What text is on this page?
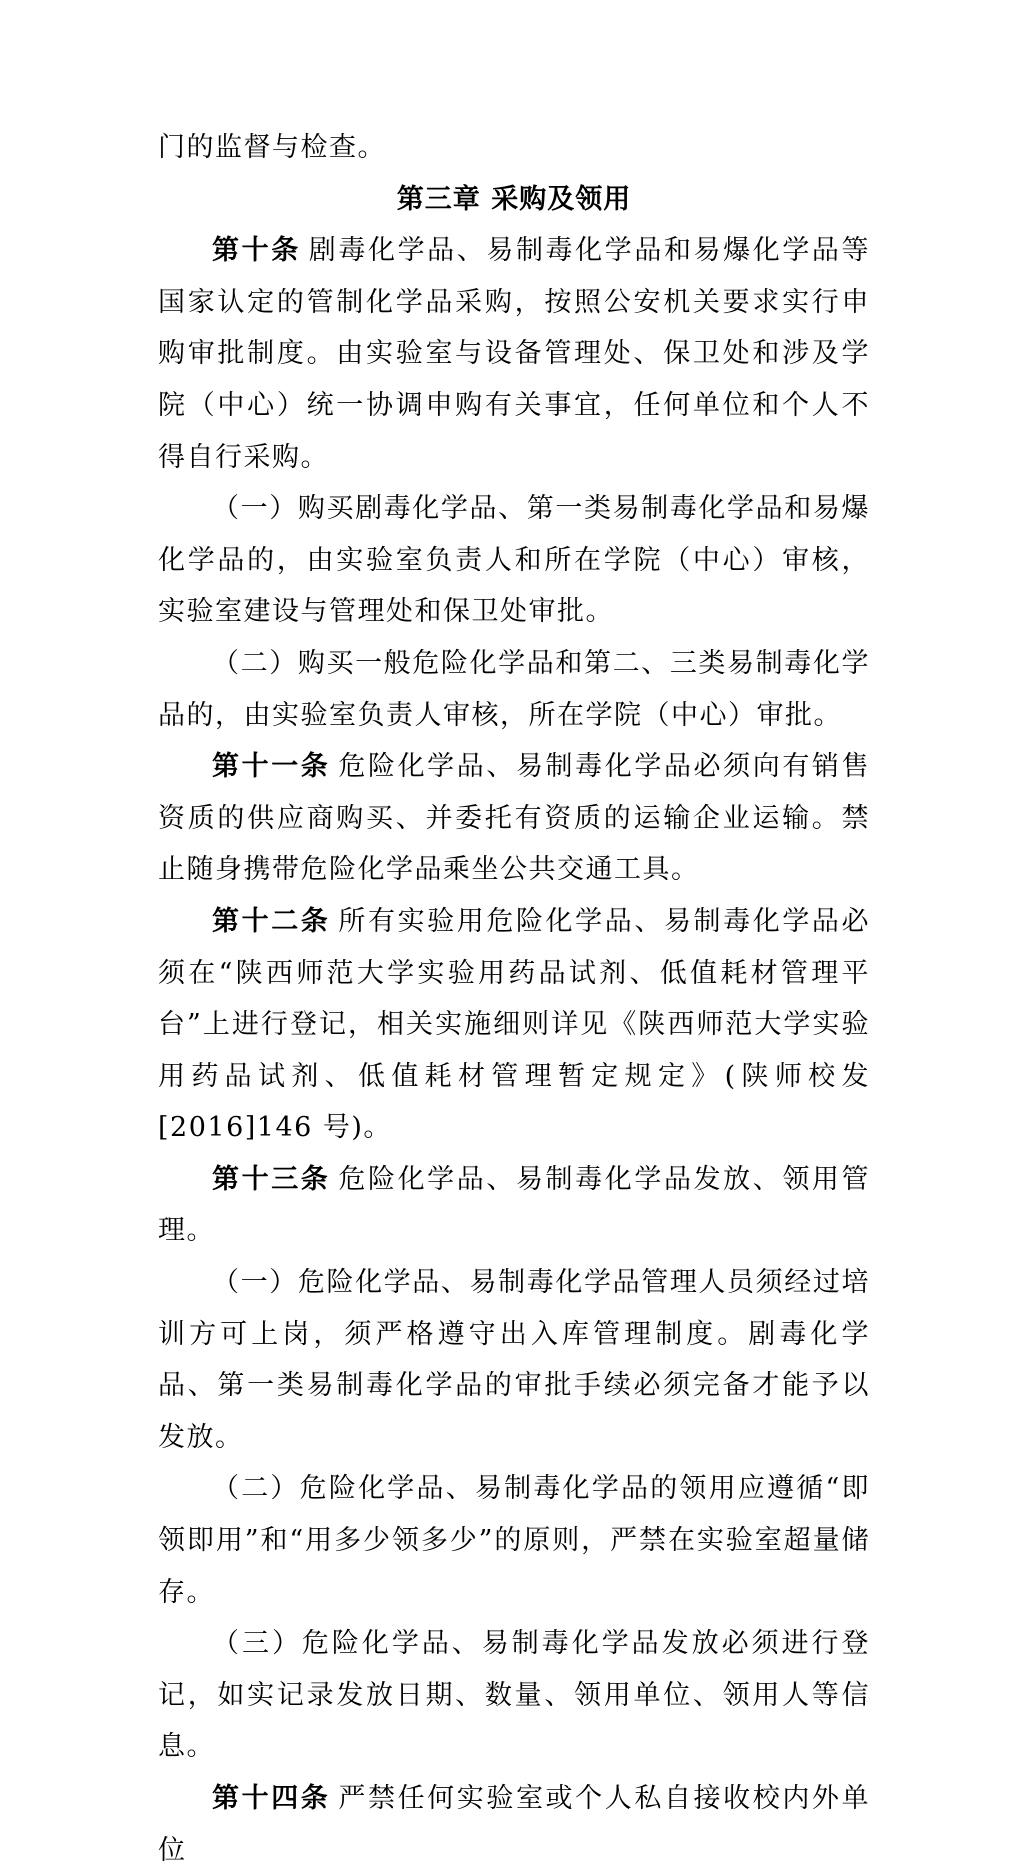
门的监督与检查。

第三章 采购及领用

第十条 剧毒化学品、易制毒化学品和易爆化学品等国家认定的管制化学品采购，按照公安机关要求实行申购审批制度。由实验室与设备管理处、保卫处和涉及学院（中心）统一协调申购有关事宜，任何单位和个人不得自行采购。

（一）购买剧毒化学品、第一类易制毒化学品和易爆化学品的，由实验室负责人和所在学院（中心）审核，实验室建设与管理处和保卫处审批。

（二）购买一般危险化学品和第二、三类易制毒化学品的，由实验室负责人审核，所在学院（中心）审批。

第十一条 危险化学品、易制毒化学品必须向有销售资质的供应商购买、并委托有资质的运输企业运输。禁止随身携带危险化学品乘坐公共交通工具。

第十二条 所有实验用危险化学品、易制毒化学品必须在“陕西师范大学实验用药品试剂、低值耗材管理平台”上进行登记，相关实施细则详见《陕西师范大学实验用药品试剂、低值耗材管理暂定规定》(陕师校发[2016]146 号)。

第十三条 危险化学品、易制毒化学品发放、领用管理。

（一）危险化学品、易制毒化学品管理人员须经过培训方可上岗，须严格遵守出入库管理制度。剧毒化学品、第一类易制毒化学品的审批手续必须完备才能予以发放。

（二）危险化学品、易制毒化学品的领用应遵循“即领即用”和“用多少领多少”的原则，严禁在实验室超量储存。

（三）危险化学品、易制毒化学品发放必须进行登记，如实记录发放日期、数量、领用单位、领用人等信息。

第十四条 严禁任何实验室或个人私自接收校内外单位
